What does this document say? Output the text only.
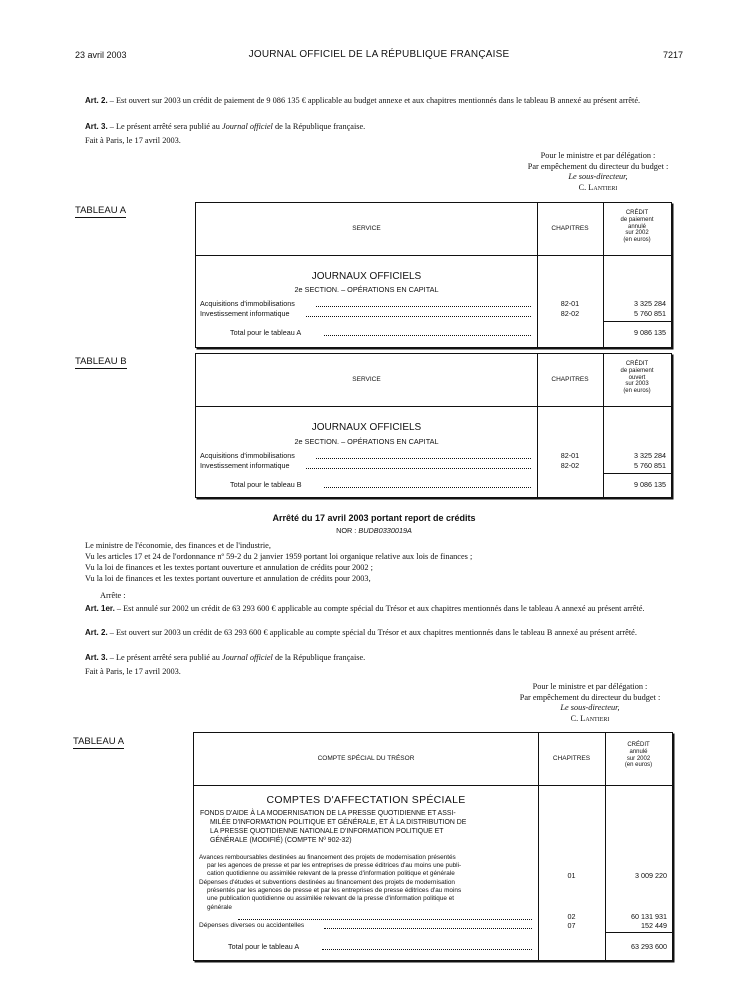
23 avril 2003	JOURNAL OFFICIEL DE LA RÉPUBLIQUE FRANÇAISE	7217
Art. 2. – Est ouvert sur 2003 un crédit de paiement de 9 086 135 € applicable au budget annexe et aux chapitres mentionnés dans le tableau B annexé au présent arrêté.
Art. 3. – Le présent arrêté sera publié au Journal officiel de la République française.
Fait à Paris, le 17 avril 2003.
Pour le ministre et par délégation :
Par empêchement du directeur du budget :
Le sous-directeur,
C. Lantieri
TABLEAU A
SERVICE	CHAPITRES
CRÉDIT
de paiement
annulé
sur 2002
(en euros)
JOURNAUX OFFICIELS
2e SECTION. – OPÉRATIONS EN CAPITAL
Acquisitions d'immobilisations	82-01	3 325 284
Investissement informatique	82-02	5 760 851
Total pour le tableau A	9 086 135
TABLEAU B
SERVICE	CHAPITRES
CRÉDIT
de paiement
ouvert
sur 2003
(en euros)
JOURNAUX OFFICIELS
2e SECTION. – OPÉRATIONS EN CAPITAL
Acquisitions d'immobilisations	82-01	3 325 284
Investissement informatique	82-02	5 760 851
Total pour le tableau B	9 086 135
Arrêté du 17 avril 2003 portant report de crédits
NOR : BUDB0330019A
Le ministre de l'économie, des finances et de l'industrie,
Vu les articles 17 et 24 de l'ordonnance nº 59-2 du 2 janvier 1959 portant loi organique relative aux lois de finances ;
Vu la loi de finances et les textes portant ouverture et annulation de crédits pour 2002 ;
Vu la loi de finances et les textes portant ouverture et annulation de crédits pour 2003,
Arrête :
Art. 1er. – Est annulé sur 2002 un crédit de 63 293 600 € applicable au compte spécial du Trésor et aux chapitres mentionnés dans le tableau A annexé au présent arrêté.
Art. 2. – Est ouvert sur 2003 un crédit de 63 293 600 € applicable au compte spécial du Trésor et aux chapitres mentionnés dans le tableau B annexé au présent arrêté.
Art. 3. – Le présent arrêté sera publié au Journal officiel de la République française.
Fait à Paris, le 17 avril 2003.
Pour le ministre et par délégation :
Par empêchement du directeur du budget :
Le sous-directeur,
C. Lantieri
TABLEAU A
COMPTE SPÉCIAL DU TRÉSOR	CHAPITRES
CRÉDIT
annulé
sur 2002
(en euros)
COMPTES D'AFFECTATION SPÉCIALE
FONDS D'AIDE À LA MODERNISATION DE LA PRESSE QUOTIDIENNE ET ASSI-
MILÉE D'INFORMATION POLITIQUE ET GÉNÉRALE, ET À LA DISTRIBUTION DE
LA PRESSE QUOTIDIENNE NATIONALE D'INFORMATION POLITIQUE ET
GÉNÉRALE (MODIFIÉ) (COMPTE Nº 902-32)
Avances remboursables destinées au financement des projets de modernisation présentés
par les agences de presse et par les entreprises de presse éditrices d'au moins une publi-
cation quotidienne ou assimilée relevant de la presse d'information politique et générale	01	3 009 220
Dépenses d'études et subventions destinées au financement des projets de modernisation
présentés par les agences de presse et par les entreprises de presse éditrices d'au moins
une publication quotidienne ou assimilée relevant de la presse d'information politique et
générale
02	60 131 931
Dépenses diverses ou accidentelles	07	152 449
Total pour le tableau A	63 293 600
